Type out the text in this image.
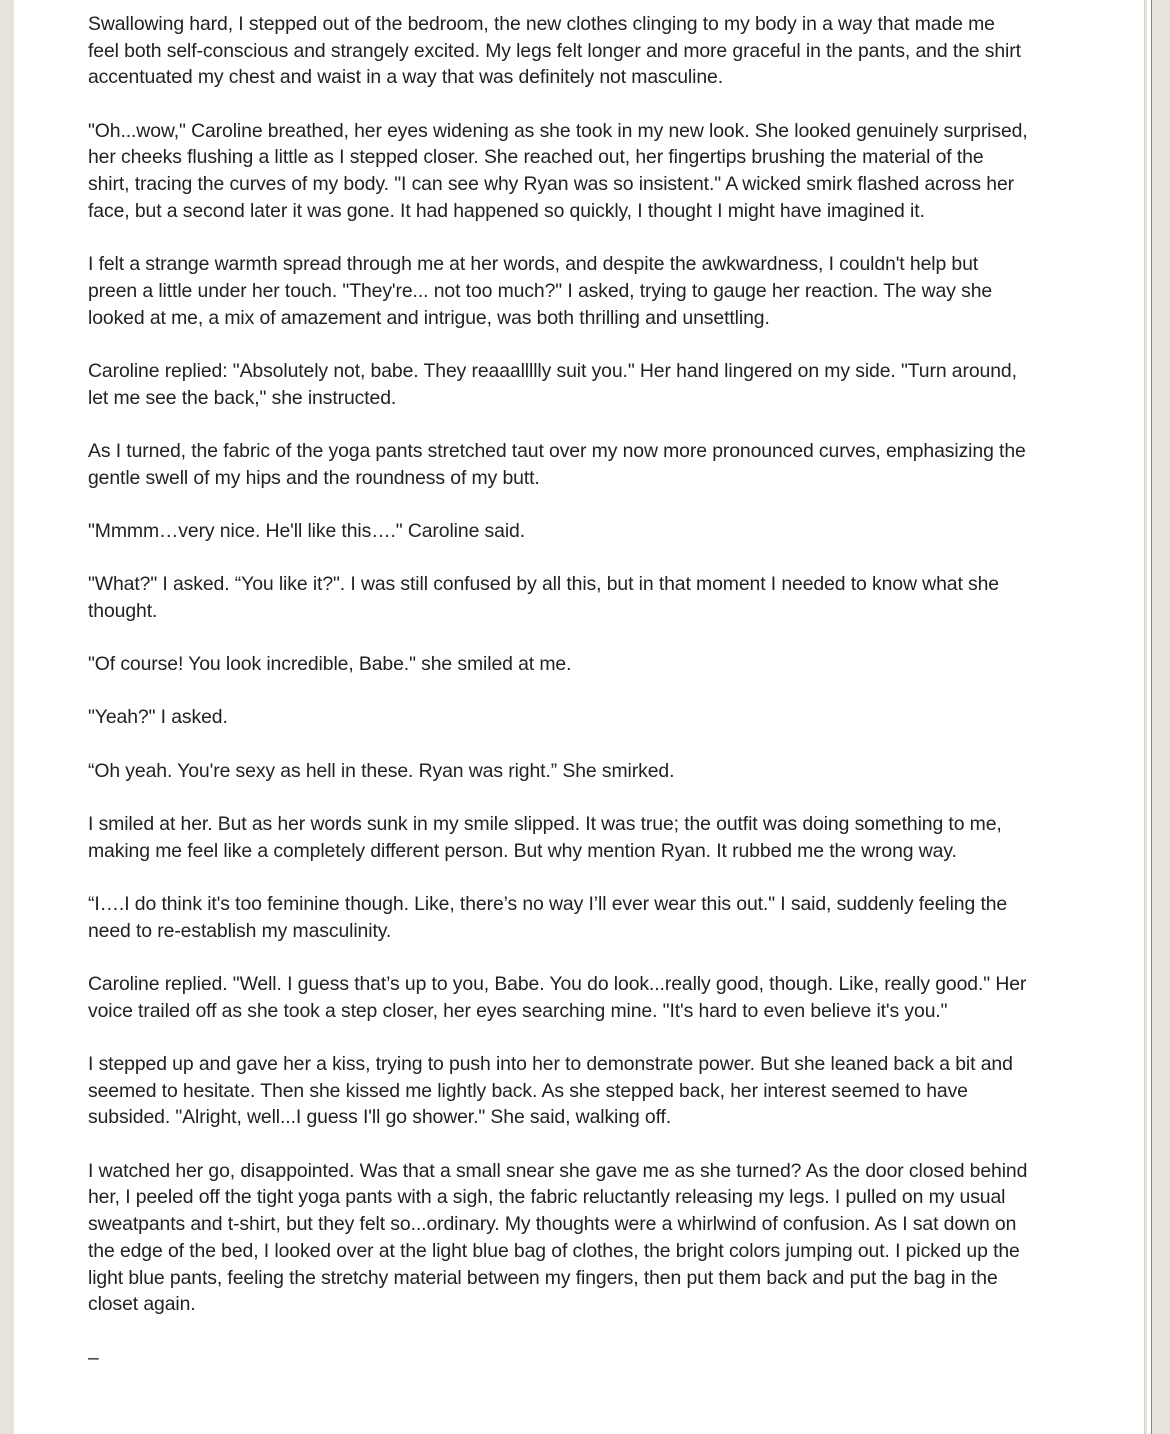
Swallowing hard, I stepped out of the bedroom, the new clothes clinging to my body in a way that made me
feel both self-conscious and strangely excited. My legs felt longer and more graceful in the pants, and the shirt
accentuated my chest and waist in a way that was definitely not masculine.

"Oh...wow," Caroline breathed, her eyes widening as she took in my new look. She looked genuinely surprised,
her cheeks flushing a little as I stepped closer. She reached out, her fingertips brushing the material of the
shirt, tracing the curves of my body. "I can see why Ryan was so insistent." A wicked smirk flashed across her
face, but a second later it was gone. It had happened so quickly, I thought I might have imagined it.

I felt a strange warmth spread through me at her words, and despite the awkwardness, I couldn't help but
preen a little under her touch. "They're... not too much?" I asked, trying to gauge her reaction. The way she
looked at me, a mix of amazement and intrigue, was both thrilling and unsettling.

Caroline replied: "Absolutely not, babe. They reaaallllly suit you." Her hand lingered on my side. "Turn around,
let me see the back," she instructed.

As I turned, the fabric of the yoga pants stretched taut over my now more pronounced curves, emphasizing the
gentle swell of my hips and the roundness of my butt.

"Mmmm…very nice. He'll like this…." Caroline said.

"What?" I asked. “You like it?". I was still confused by all this, but in that moment I needed to know what she
thought.

"Of course! You look incredible, Babe." she smiled at me.

"Yeah?" I asked.

“Oh yeah. You're sexy as hell in these. Ryan was right.” She smirked.

I smiled at her. But as her words sunk in my smile slipped. It was true; the outfit was doing something to me,
making me feel like a completely different person. But why mention Ryan. It rubbed me the wrong way.

“I….I do think it's too feminine though. Like, there’s no way I’ll ever wear this out." I said, suddenly feeling the
need to re-establish my masculinity.

Caroline replied. "Well. I guess that’s up to you, Babe. You do look...really good, though. Like, really good." Her
voice trailed off as she took a step closer, her eyes searching mine. "It's hard to even believe it's you."

I stepped up and gave her a kiss, trying to push into her to demonstrate power. But she leaned back a bit and
seemed to hesitate. Then she kissed me lightly back. As she stepped back, her interest seemed to have
subsided. "Alright, well...I guess I'll go shower." She said, walking off.

I watched her go, disappointed. Was that a small snear she gave me as she turned? As the door closed behind
her, I peeled off the tight yoga pants with a sigh, the fabric reluctantly releasing my legs. I pulled on my usual
sweatpants and t-shirt, but they felt so...ordinary. My thoughts were a whirlwind of confusion. As I sat down on
the edge of the bed, I looked over at the light blue bag of clothes, the bright colors jumping out. I picked up the
light blue pants, feeling the stretchy material between my fingers, then put them back and put the bag in the
closet again.

–
